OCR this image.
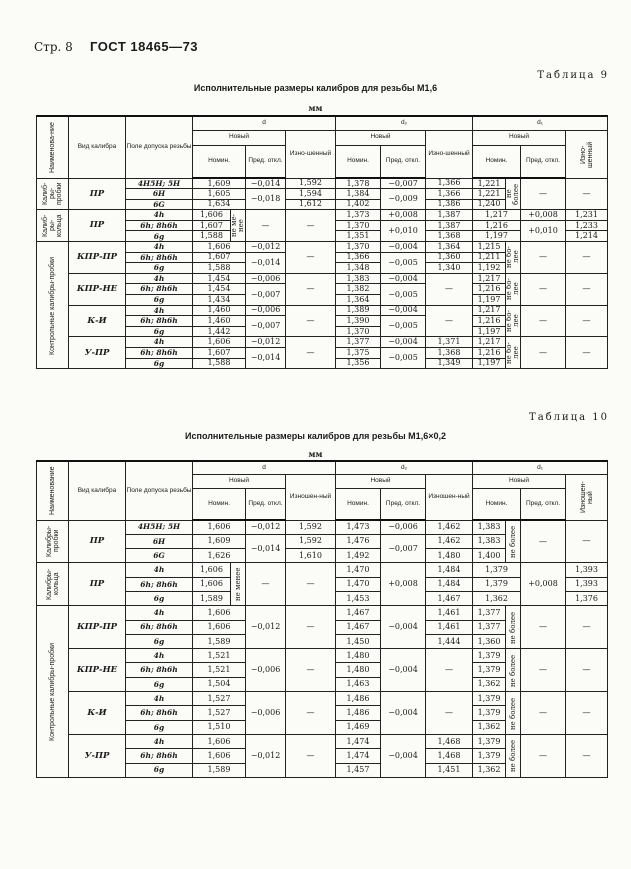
Стр. 8 ГОСТ 18465—73
Таблица 9
Исполнительные размеры калибров для резьбы М1,6
мм
Наименова-ние	Вид калибра	Поле допуска резьбы	d				d₂			d₁			
			Новый			Изно-шенный	Новый		Изно-шенный	Новый			Изно-шенный

			Номин.		Пред. откл.		Номин.	Пред. откл.		Номин.		Пред. откл.	

Калиб-ры-пробки	ПР	4H5H; 5H	1,609		−0,014	1,592	1,378	−0,007	1,366	1,221	не более	—	—
		6H	1,605		−0,018	1,594	1,384	−0,009	1,366	1,221			
		6G	1,634			1,612	1,402		1,386	1,240			

Калиб-ры-кольца	ПР	4h	1,606	не ме-нее	—	—	1,373	+0,008	1,387	1,217		+0,008	1,231
		6h; 8h6h	1,607				1,370	+0,010	1,387	1,216		+0,010	1,233
		6g	1,588				1,351		1,368	1,197			1,214

Контрольные калибры-пробки	КПР-ПР	4h	1,606		−0,012	—	1,370	−0,004	1,364	1,215	не бо-лее	—	—
		6h; 8h6h	1,607		−0,014		1,366	−0,005	1,360	1,211			
		6g	1,588				1,348		1,340	1,192			
	КПР-НЕ	4h	1,454		−0,006	—	1,383	−0,004	—	1,217	не бо-лее	—	—
		6h; 8h6h	1,454		−0,007		1,382	−0,005		1,216			
		6g	1,434				1,364			1,197			
	К-И	4h	1,460		−0,006	—	1,389	−0,004	—	1,217	не бо-лее	—	—
		6h; 8h6h	1,460		−0,007		1,390	−0,005		1,216			
		6g	1,442				1,370			1,197			
	У-ПР	4h	1,606		−0,012	—	1,377	−0,004	1,371	1,217	не бо-лее	—	—
		6h; 8h6h	1,607		−0,014		1,375	−0,005	1,368	1,216			
		6g	1,588				1,356		1,349	1,197			
Таблица 10
Исполнительные размеры калибров для резьбы М1,6×0,2
мм
Наименование	Вид калибра	Поле допуска резьбы	d				d₂			d₁			
			Новый			Изношен-ный	Новый		Изношен-ный	Новый			Изношен-ный

			Номин.		Пред. откл.		Номин.	Пред. откл.		Номин.		Пред. откл.	

Калибры-пробки	ПР	4H5H; 5H	1,606		−0,012	1,592	1,473	−0,006	1,462	1,383	не более	—	—
		6H	1,609		−0,014	1,592	1,476	−0,007	1,462	1,383			
		6G	1,626			1,610	1,492		1,480	1,400			

Калибры-кольца	ПР	4h	1,606	не менее	—	—	1,470	+0,008	1,484	1,379		+0,008	1,393
		6h; 8h6h	1,606				1,470		1,484	1,379			1,393
		6g	1,589				1,453		1,467	1,362			1,376

Контрольные калибры-пробки	КПР-ПР	4h	1,606		−0,012	—	1,467	−0,004	1,461	1,377	не более	—	—
		6h; 8h6h	1,606				1,467		1,461	1,377			
		6g	1,589				1,450		1,444	1,360			
	КПР-НЕ	4h	1,521		−0,006	—	1,480	−0,004	—	1,379	не более	—	—
		6h; 8h6h	1,521				1,480			1,379			
		6g	1,504				1,463			1,362			
	К-И	4h	1,527		−0,006	—	1,486	−0,004	—	1,379	не более	—	—
		6h; 8h6h	1,527				1,486			1,379			
		6g	1,510				1,469			1,362			
	У-ПР	4h	1,606		−0,012	—	1,474	−0,004	1,468	1,379	не более	—	—
		6h; 8h6h	1,606				1,474		1,468	1,379			
		6g	1,589				1,457		1,451	1,362			
